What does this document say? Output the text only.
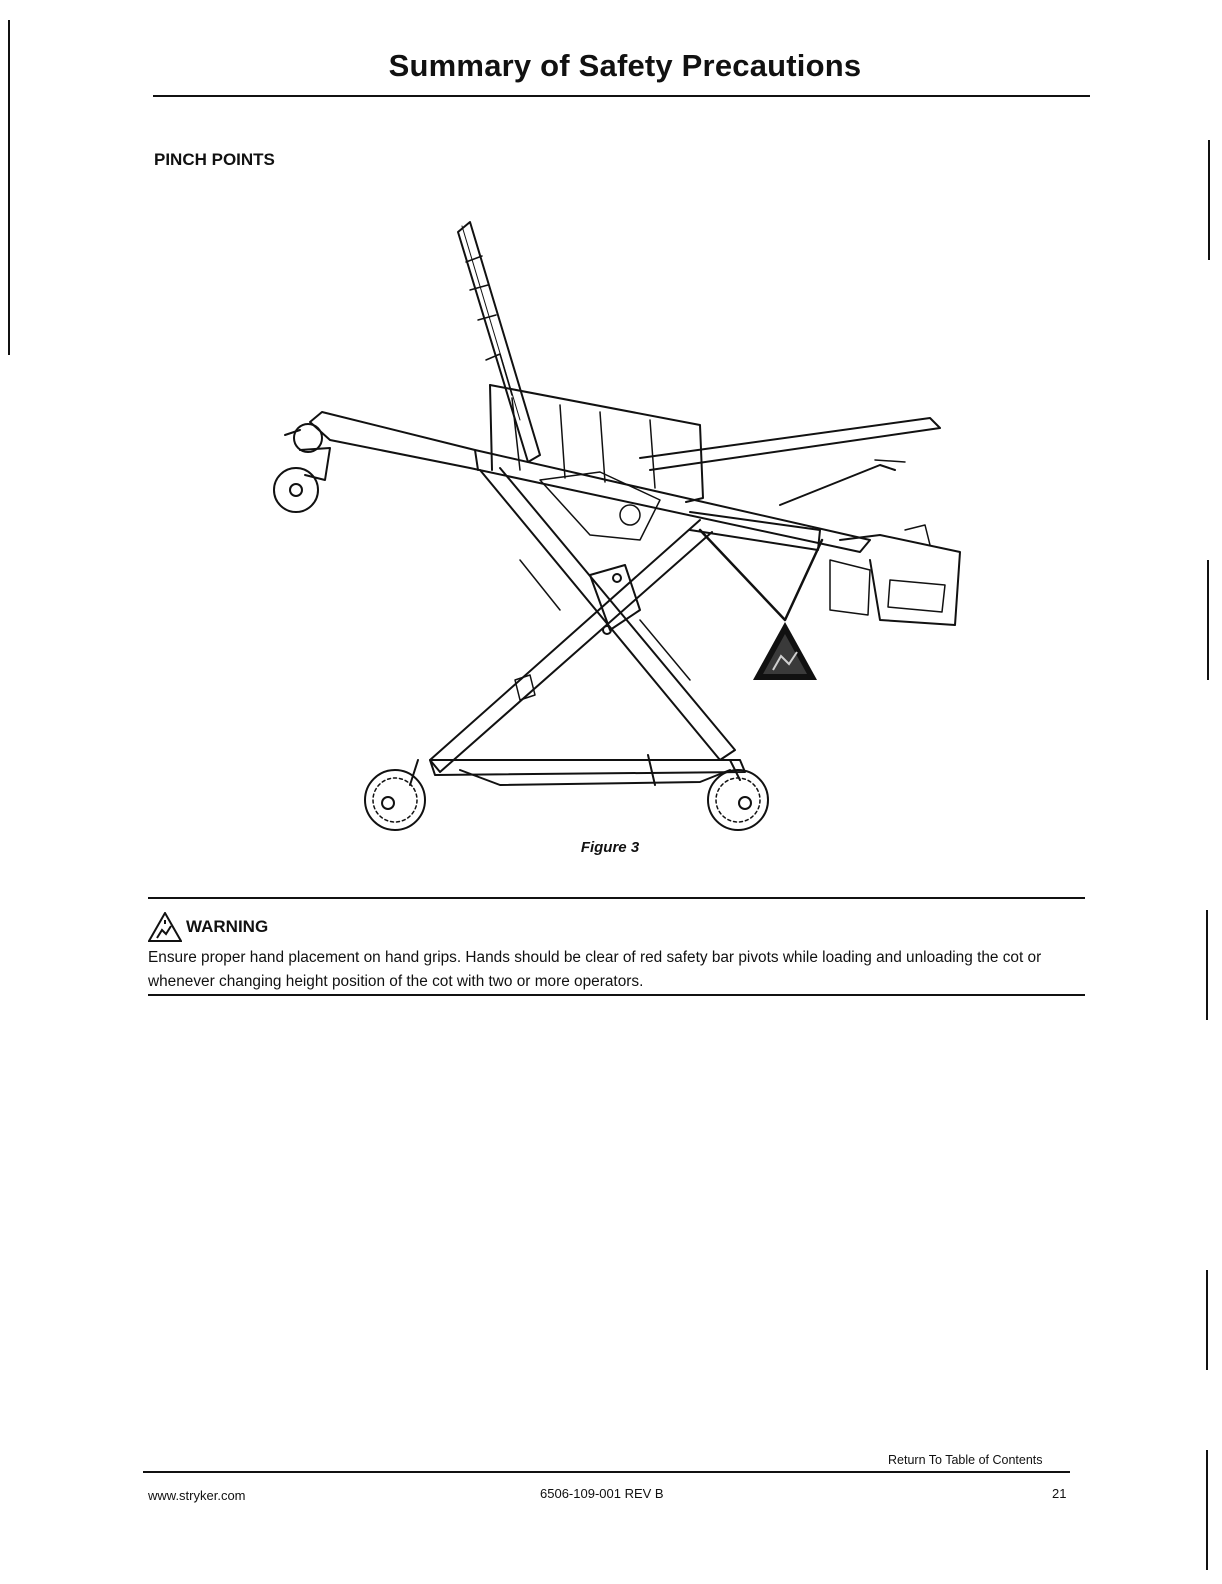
Summary of Safety Precautions
PINCH POINTS
Figure 3
WARNING
Ensure proper hand placement on hand grips. Hands should be clear of red safety bar pivots while loading and unloading the cot or whenever changing height position of the cot with two or more operators.
Return To Table of Contents
www.stryker.com	6506-109-001 REV B	21
